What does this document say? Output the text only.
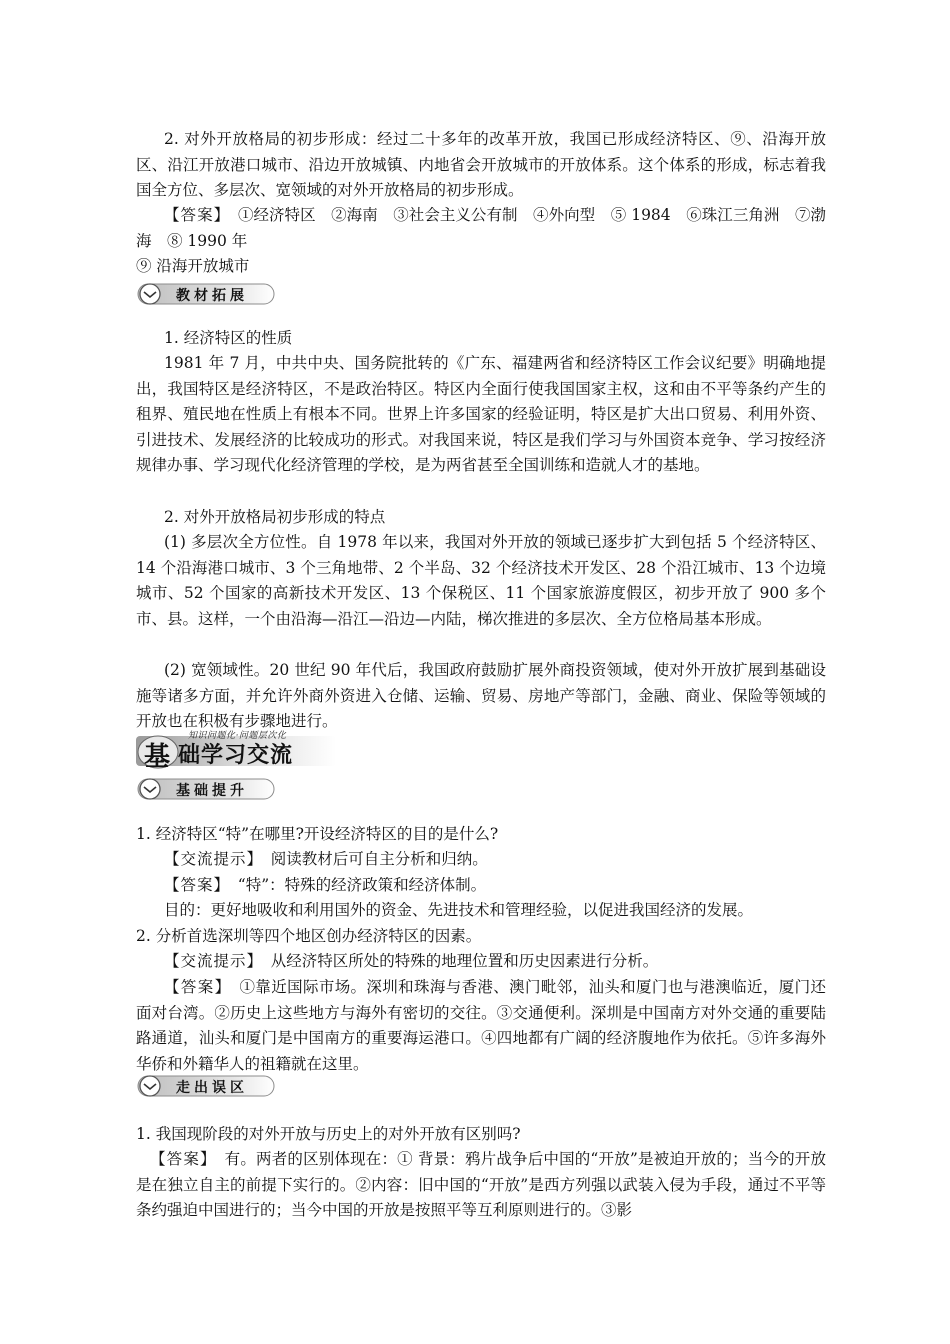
2. 对外开放格局的初步形成：经过二十多年的改革开放，我国已形成经济特区、⑨、沿海开放区、沿江开放港口城市、沿边开放城镇、内地省会开放城市的开放体系。这个体系的形成，标志着我国全方位、多层次、宽领域的对外开放格局的初步形成。

【答案】　 ①经济特区　②海南　③社会主义公有制　④外向型　⑤ 1984　⑥珠江三角洲　⑦渤海　⑧ 1990 年

⑨ 沿海开放城市

教材拓展

1. 经济特区的性质

1981 年 7 月，中共中央、国务院批转的《广东、福建两省和经济特区工作会议纪要》明确地提出，我国特区是经济特区，不是政治特区。特区内全面行使我国国家主权，这和由不平等条约产生的租界、殖民地在性质上有根本不同。世界上许多国家的经验证明，特区是扩大出口贸易、利用外资、引进技术、发展经济的比较成功的形式。对我国来说，特区是我们学习与外国资本竞争、学习按经济规律办事、学习现代化经济管理的学校，是为两省甚至全国训练和造就人才的基地。

2. 对外开放格局初步形成的特点

(1) 多层次全方位性。自 1978 年以来，我国对外开放的领域已逐步扩大到包括 5 个经济特区、14 个沿海港口城市、3 个三角地带、2 个半岛、32 个经济技术开发区、28 个沿江城市、13 个边境城市、52 个国家的高新技术开发区、13 个保税区、11 个国家旅游度假区，初步开放了 900 多个市、县。这样，一个由沿海—沿江—沿边—内陆，梯次推进的多层次、全方位格局基本形成。

(2) 宽领域性。20 世纪 90 年代后，我国政府鼓励扩展外商投资领域，使对外开放扩展到基础设施等诸多方面，并允许外商外资进入仓储、运输、贸易、房地产等部门，金融、商业、保险等领域的开放也在积极有步骤地进行。

知识问题化·问题层次化
基 础学习交流
基础提升

1. 经济特区“特”在哪里?开设经济特区的目的是什么?

【交流提示】　 阅读教材后可自主分析和归纳。

【答案】　 “特”：特殊的经济政策和经济体制。

目的：更好地吸收和利用国外的资金、先进技术和管理经验，以促进我国经济的发展。

2. 分析首选深圳等四个地区创办经济特区的因素。

【交流提示】　 从经济特区所处的特殊的地理位置和历史因素进行分析。

【答案】　 ①靠近国际市场。深圳和珠海与香港、澳门毗邻，汕头和厦门也与港澳临近，厦门还面对台湾。②历史上这些地方与海外有密切的交往。③交通便利。深圳是中国南方对外交通的重要陆路通道，汕头和厦门是中国南方的重要海运港口。④四地都有广阔的经济腹地作为依托。⑤许多海外华侨和外籍华人的祖籍就在这里。

走出误区

1. 我国现阶段的对外开放与历史上的对外开放有区别吗?

【答案】　 有。两者的区别体现在：① 背景：鸦片战争后中国的“开放”是被迫开放的；当今的开放是在独立自主的前提下实行的。②内容：旧中国的“开放”是西方列强以武装入侵为手段，通过不平等条约强迫中国进行的；当今中国的开放是按照平等互利原则进行的。③影
